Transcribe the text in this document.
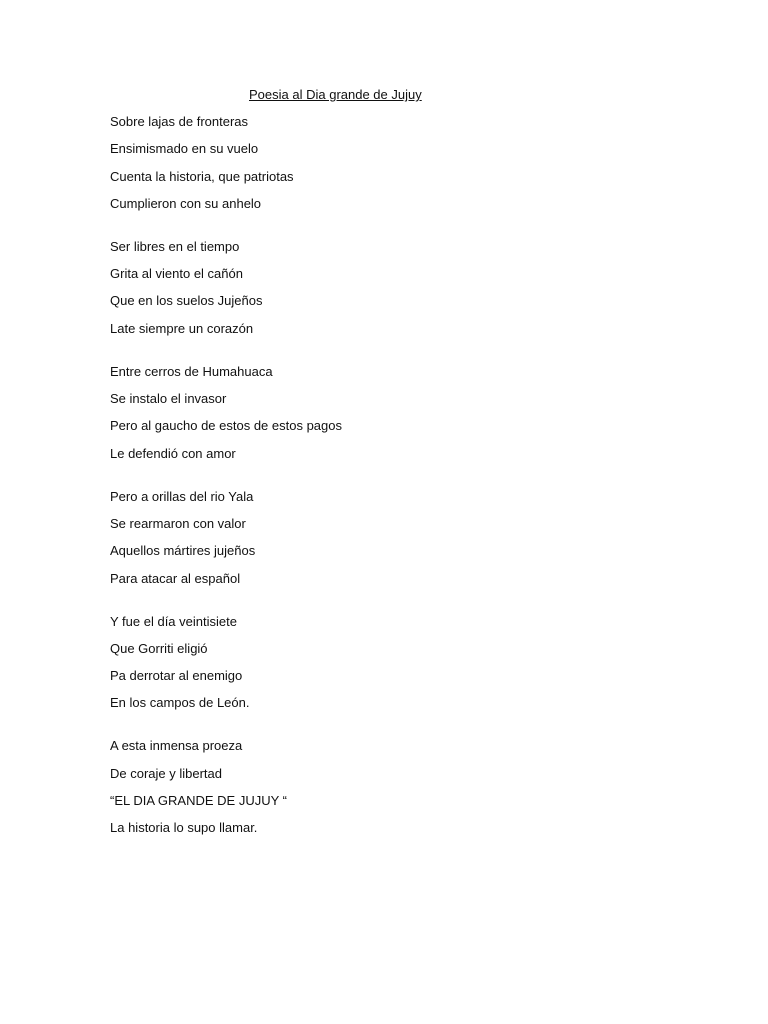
Poesia al Dia grande de Jujuy
Sobre lajas de fronteras
Ensimismado en su vuelo
Cuenta la historia, que patriotas
Cumplieron con su anhelo
Ser libres en el tiempo
Grita al viento el cañón
Que en los suelos Jujeños
Late siempre un corazón
Entre cerros de Humahuaca
Se instalo el invasor
Pero al gaucho de estos de estos pagos
Le defendió con amor
Pero a orillas del rio Yala
Se rearmaron con valor
Aquellos mártires jujeños
Para atacar al español
Y fue el día veintisiete
Que Gorriti eligió
Pa derrotar al enemigo
En los campos de León.
A esta inmensa proeza
De coraje y libertad
“EL DIA GRANDE DE JUJUY “
La historia lo supo llamar.
